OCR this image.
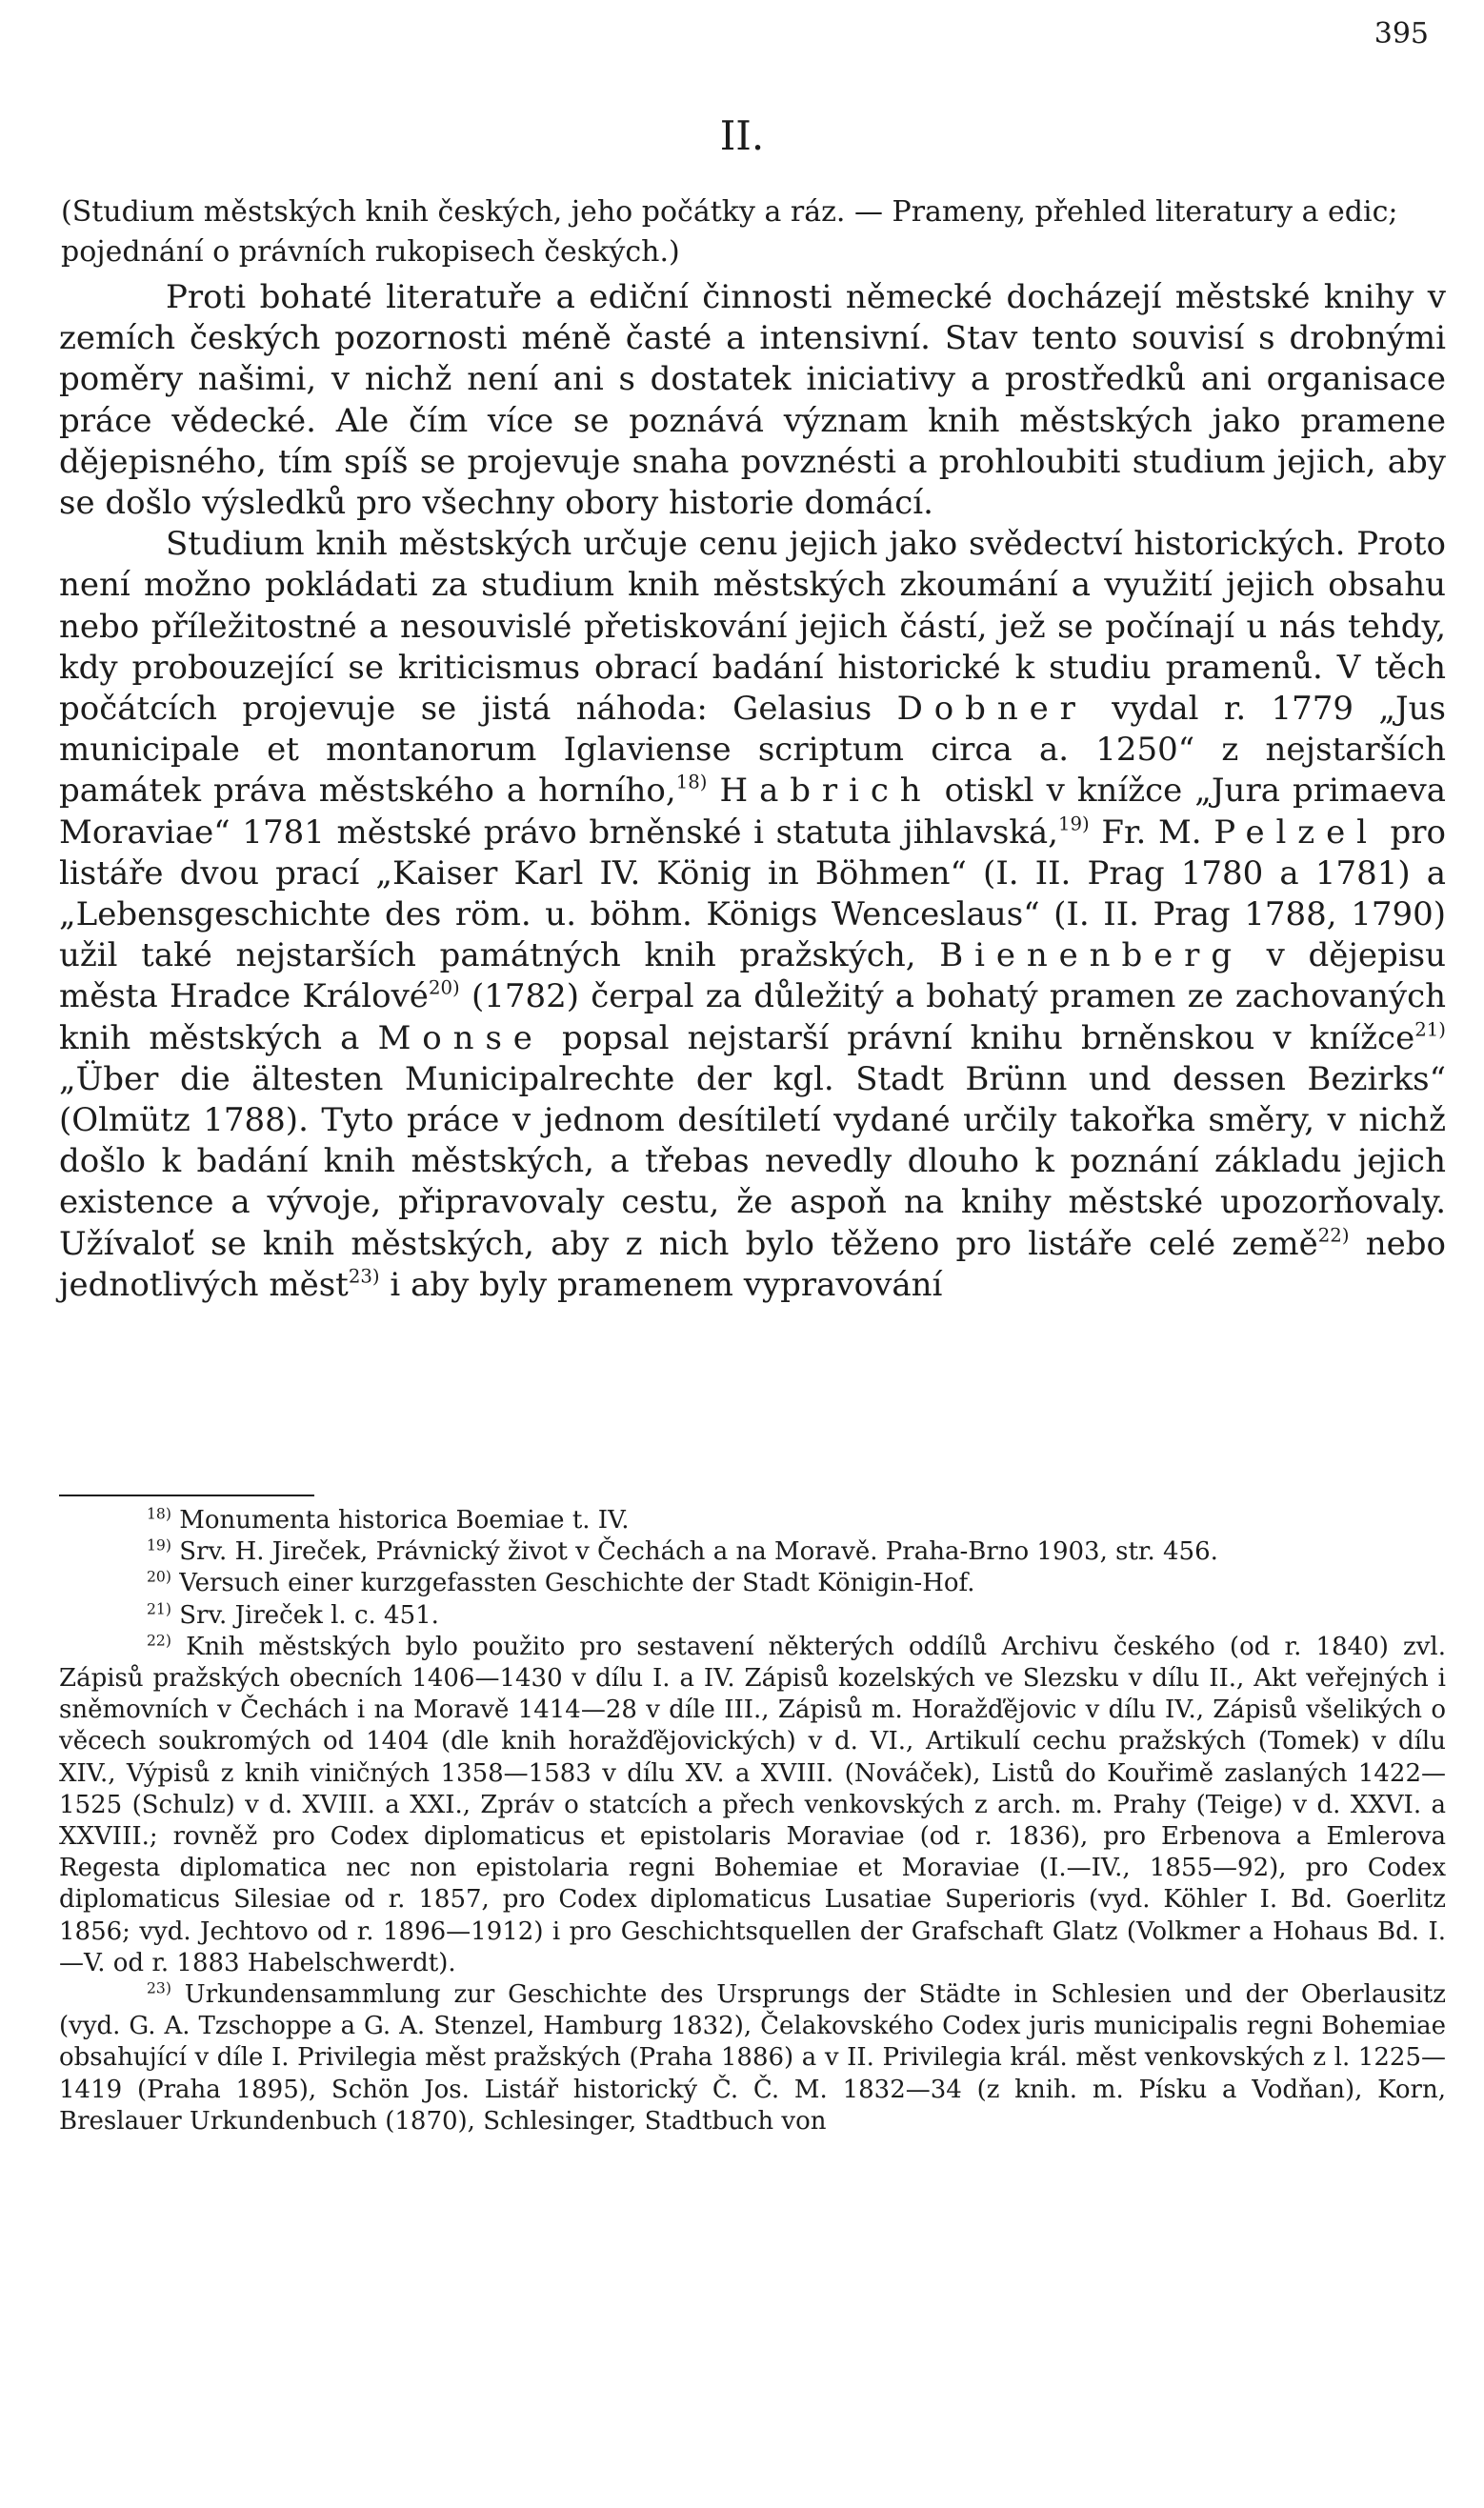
395
II.
(Studium městských knih českých, jeho počátky a ráz. — Prameny, přehled literatury a edic; pojednání o právních rukopisech českých.)

Proti bohaté literatuře a ediční činnosti německé docházejí městské knihy v zemích českých pozornosti méně časté a intensivní. Stav tento souvisí s drobnými poměry našimi, v nichž není ani s dostatek iniciativy a prostředků ani organisace práce vědecké. Ale čím více se poznává význam knih městských jako pramene dějepisného, tím spíš se projevuje snaha povznésti a prohloubiti studium jejich, aby se došlo výsledků pro všechny obory historie domácí.

Studium knih městských určuje cenu jejich jako svědectví historických. Proto není možno pokládati za studium knih městských zkoumání a využití jejich obsahu nebo příležitostné a nesouvislé přetiskování jejich částí, jež se počínají u nás tehdy, kdy probouzející se kriticismus obrací badání historické k studiu pramenů. V těch počátcích projevuje se jistá náhoda: Gelasius Dobner vydal r. 1779 „Jus municipale et montanorum Iglaviense scriptum circa a. 1250“ z nejstarších památek práva městského a horního,$^{18)}$ Habrich otiskl v knížce „Jura primaeva Moraviae“ 1781 městské právo brněnské i statuta jihlavská,$^{19)}$ Fr. M. Pelzel pro listáře dvou prací „Kaiser Karl IV. König in Böhmen“ (I. II. Prag 1780 a 1781) a „Lebensgeschichte des röm. u. böhm. Königs Wenceslaus“ (I. II. Prag 1788, 1790) užil také nejstarších památných knih pražských, Bienenberg v dějepisu města Hradce Králové$^{20)}$ (1782) čerpal za důležitý a bohatý pramen ze zachovaných knih městských a Monse popsal nejstarší právní knihu brněnskou v knížce$^{21)}$ „Über die ältesten Municipalrechte der kgl. Stadt Brünn und dessen Bezirks“ (Olmütz 1788). Tyto práce v jednom desítiletí vydané určily takořka směry, v nichž došlo k badání knih městských, a třebas nevedly dlouho k poznání základu jejich existence a vývoje, připravovaly cestu, že aspoň na knihy městské upozorňovaly. Užívaloť se knih městských, aby z nich bylo těženo pro listáře celé země$^{22)}$ nebo jednotlivých měst$^{23)}$ i aby byly pramenem vypravování

$^{18)}$ Monumenta historica Boemiae t. IV.

$^{19)}$ Srv. H. Jireček, Právnický život v Čechách a na Moravě. Praha-Brno 1903, str. 456.

$^{20)}$ Versuch einer kurzgefassten Geschichte der Stadt Königin-Hof.

$^{21)}$ Srv. Jireček l. c. 451.

$^{22)}$ Knih městských bylo použito pro sestavení některých oddílů Archivu českého (od r. 1840) zvl. Zápisů pražských obecních 1406—1430 v dílu I. a IV. Zápisů kozelských ve Slezsku v dílu II., Akt veřejných i sněmovních v Čechách i na Moravě 1414—28 v díle III., Zápisů m. Horažďějovic v dílu IV., Zápisů všelikých o věcech soukromých od 1404 (dle knih horažďějovických) v d. VI., Artikulí cechu pražských (Tomek) v dílu XIV., Výpisů z knih viničných 1358—1583 v dílu XV. a XVIII. (Nováček), Listů do Kouřimě zaslaných 1422—1525 (Schulz) v d. XVIII. a XXI., Zpráv o statcích a přech venkovských z arch. m. Prahy (Teige) v d. XXVI. a XXVIII.; rovněž pro Codex diplomaticus et epistolaris Moraviae (od r. 1836), pro Erbenova a Emlerova Regesta diplomatica nec non epistolaria regni Bohemiae et Moraviae (I.—IV., 1855—92), pro Codex diplomaticus Silesiae od r. 1857, pro Codex diplomaticus Lusatiae Superioris (vyd. Köhler I. Bd. Goerlitz 1856; vyd. Jechtovo od r. 1896—1912) i pro Geschichtsquellen der Grafschaft Glatz (Volkmer a Hohaus Bd. I.—V. od r. 1883 Habelschwerdt).

$^{23)}$ Urkundensammlung zur Geschichte des Ursprungs der Städte in Schlesien und der Oberlausitz (vyd. G. A. Tzschoppe a G. A. Stenzel, Hamburg 1832), Čelakovského Codex juris municipalis regni Bohemiae obsahující v díle I. Privilegia měst pražských (Praha 1886) a v II. Privilegia král. měst venkovských z l. 1225—1419 (Praha 1895), Schön Jos. Listář historický Č. Č. M. 1832—34 (z knih. m. Písku a Vodňan), Korn, Breslauer Urkundenbuch (1870), Schlesinger, Stadtbuch von
